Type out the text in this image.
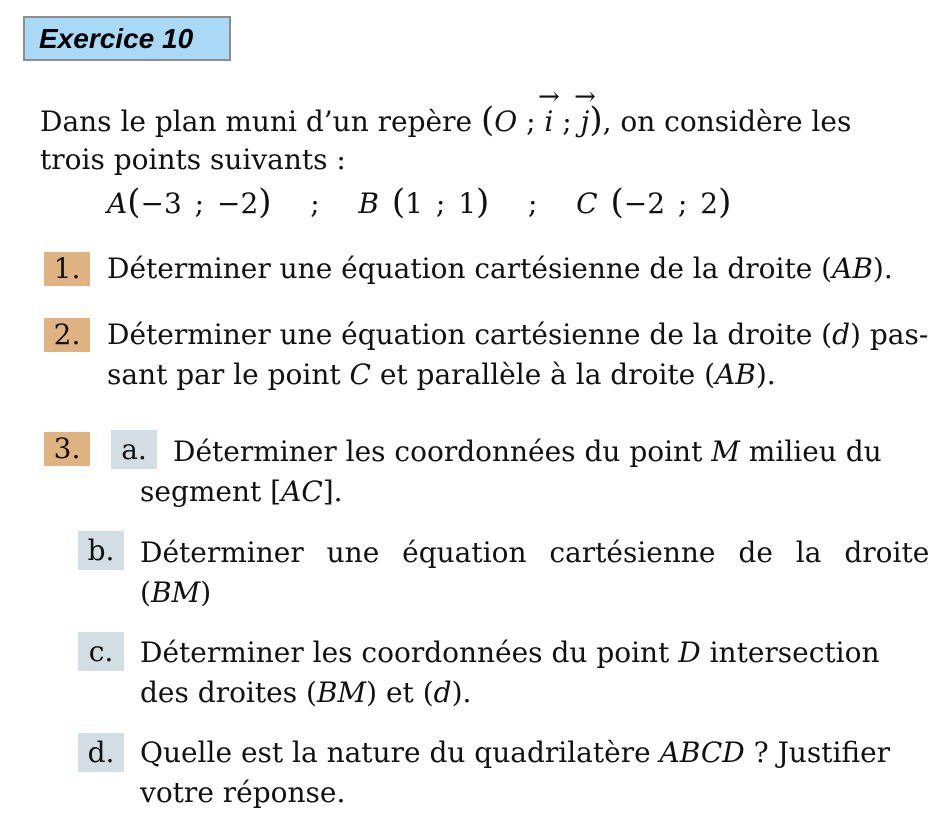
Exercice 10
Dans le plan muni d’un repère (O ; → i ; → j), on considère les
trois points suivants :
A(−3 ; −2)   ;   B (1 ; 1)   ;   C (−2 ; 2)
1. Déterminer une équation cartésienne de la droite (AB).
2. Déterminer une équation cartésienne de la droite (d) pas-
sant par le point C et parallèle à la droite (AB).
3.	a. Déterminer les coordonnées du point M milieu du
segment [AC].
b. Déterminer une équation cartésienne de la droite
(BM)
c. Déterminer les coordonnées du point D intersection
des droites (BM) et (d).
d. Quelle est la nature du quadrilatère ABCD ? Justifier
votre réponse.
